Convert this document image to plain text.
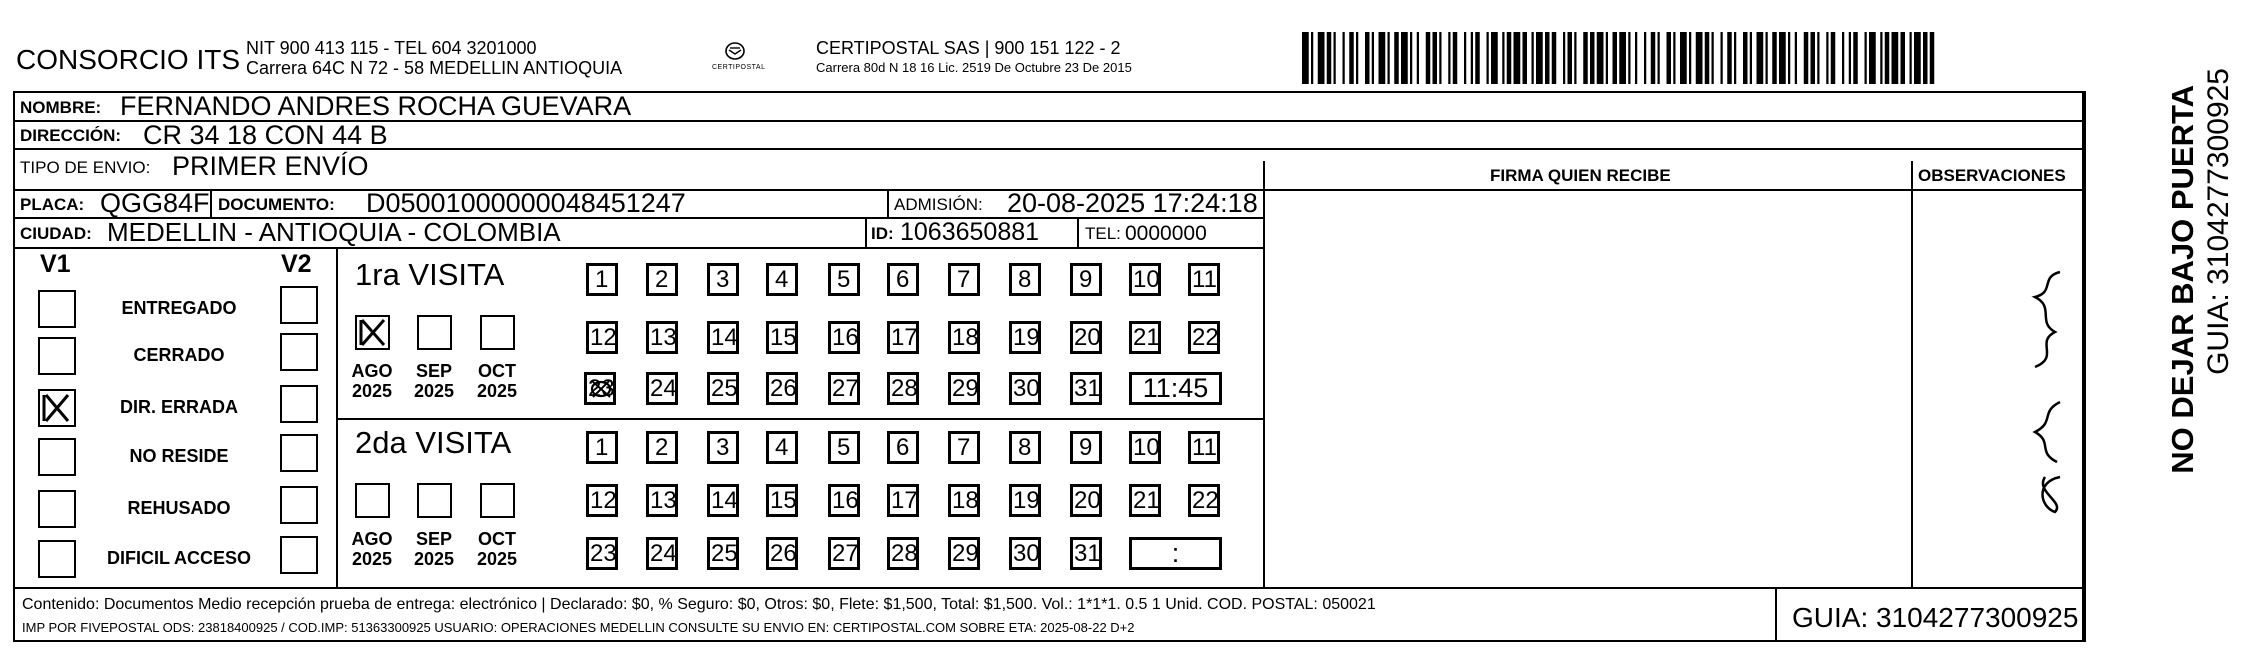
CONSORCIO ITS NIT 900 413 115 - TEL 604 3201000
Carrera 64C N 72 - 58 MEDELLIN ANTIOQUIA	CERTIPOSTAL
CERTIPOSTAL SAS | 900 151 122 - 2
Carrera 80d N 18 16 Lic. 2519 De Octubre 23 De 2015
NOMBRE: FERNANDO ANDRES ROCHA GUEVARA
DIRECCIÓN: CR 34 18 CON 44 B
TIPO DE ENVIO: PRIMER ENVÍO
PLACA: QGG84F DOCUMENTO: D05001000000048451247	ADMISIÓN: 20-08-2025 17:24:18
CIUDAD: MEDELLIN - ANTIOQUIA - COLOMBIA	ID: 1063650881	TEL: 0000000
FIRMA QUIEN RECIBE	OBSERVACIONES
V1	V2
ENTREGADO
CERRADO
DIR. ERRADA
NO RESIDE
REHUSADO
DIFICIL ACCESO
1ra VISITA
2da VISITA
1	2	3	4	5	6	7	8	9	10 11
12 13 14 15 16 17 18 19 20 21 22
23 24 25 26 27 28 29 30 31	11:45
1	2	3	4	5	6	7	8	9	10 11
12 13 14 15 16 17 18 19 20 21 22
23 24 25 26 27 28 29 30 31	:
AGO
2025
SEP
2025
OCT
2025
AGO
2025
SEP
2025
OCT
2025
Contenido: Documentos Medio recepción prueba de entrega: electrónico | Declarado: $0, % Seguro: $0, Otros: $0, Flete: $1,500, Total: $1,500. Vol.: 1*1*1. 0.5 1 Unid. COD. POSTAL: 050021
IMP POR FIVEPOSTAL ODS: 23818400925 / COD.IMP: 51363300925 USUARIO: OPERACIONES MEDELLIN CONSULTE SU ENVIO EN: CERTIPOSTAL.COM SOBRE ETA: 2025-08-22 D+2	GUIA: 3104277300925
NO DEJAR BAJO PUERTA GUIA: 3104277300925
